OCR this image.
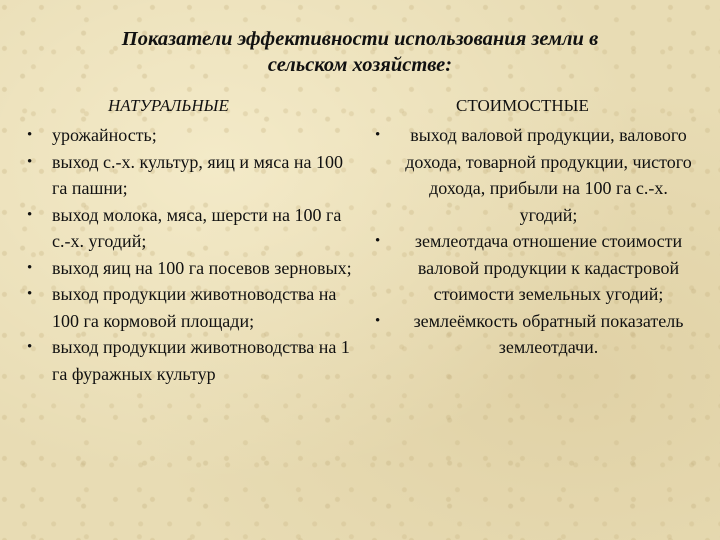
Показатели эффективности использования земли в
сельском хозяйстве:
НАТУРАЛЬНЫЕ
• урожайность;
• выход с.-х. культур, яиц и мяса на 100 га пашни;
• выход молока, мяса, шерсти на 100 га с.-х. угодий;
• выход яиц на 100 га посевов зерновых;
• выход продукции животноводства на 100 га кормовой площади;
• выход продукции животноводства на 1 га фуражных культур
СТОИМОСТНЫЕ
• выход валовой продукции, валового дохода, товарной продукции, чистого дохода, прибыли на 100 га с.-х. угодий;
• землеотдача отношение стоимости валовой продукции к кадастровой стоимости земельных угодий;
• землеёмкость обратный показатель землеотдачи.
